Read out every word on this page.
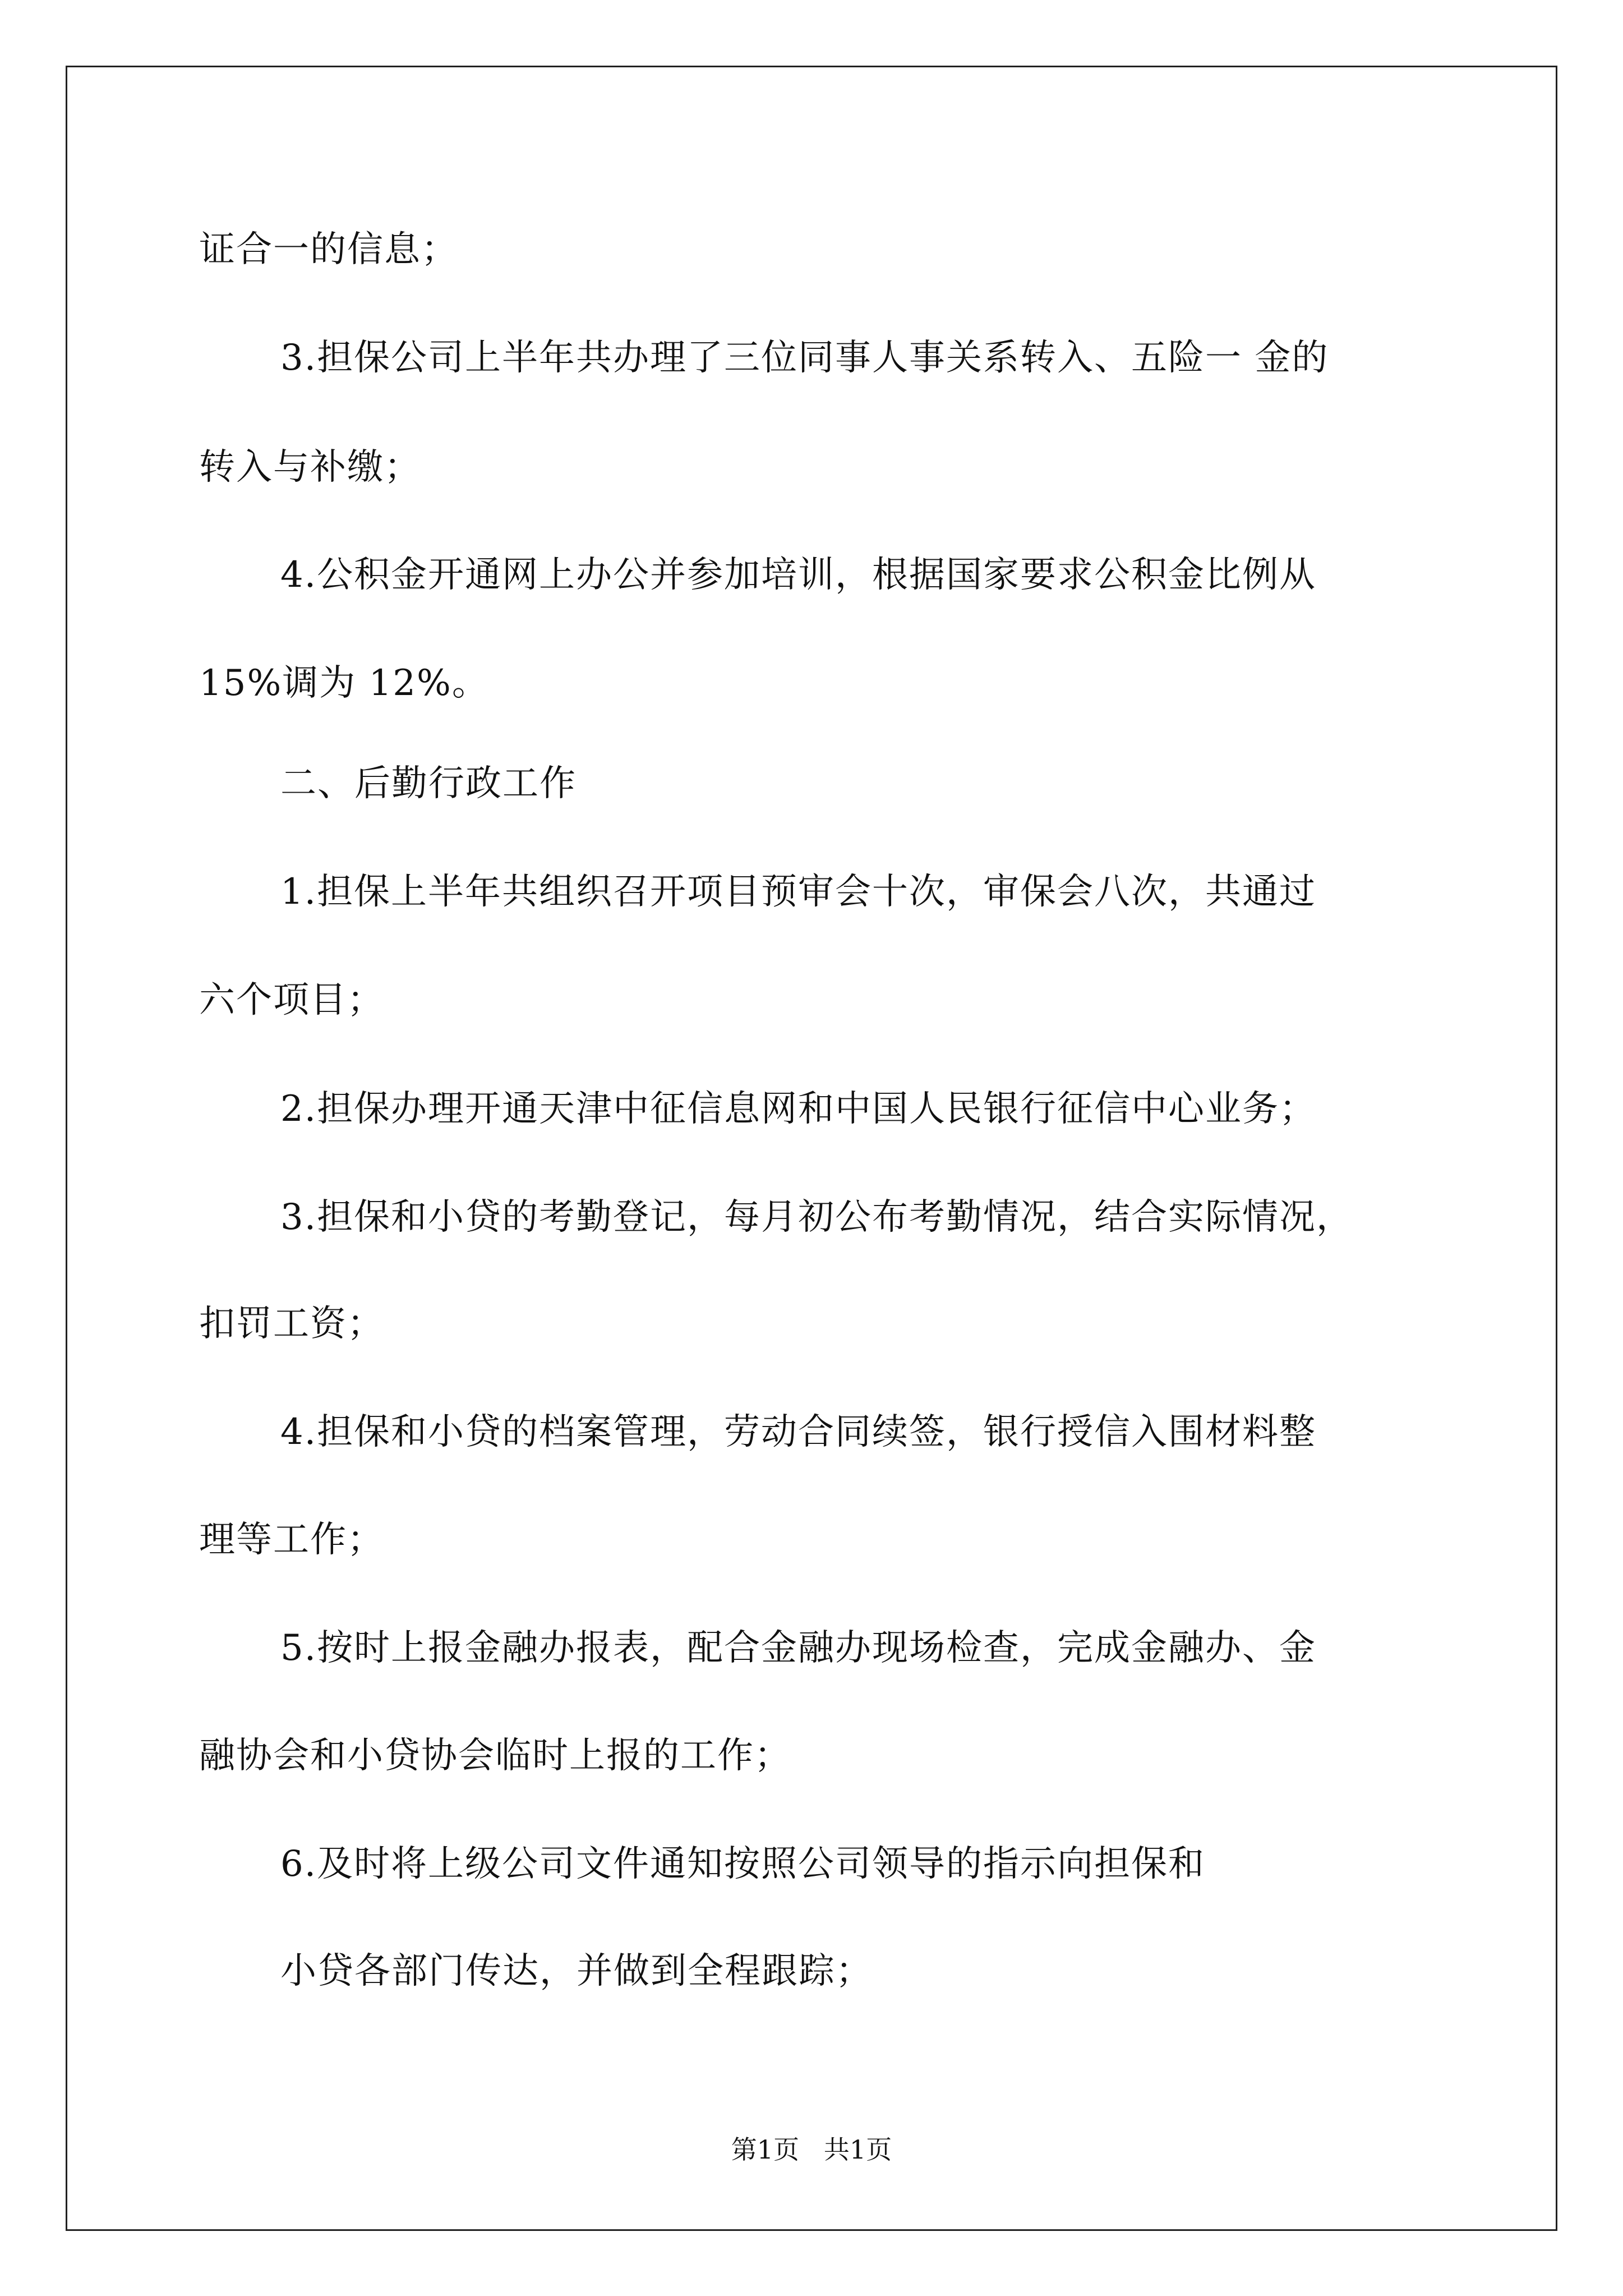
证合一的信息；
3.担保公司上半年共办理了三位同事人事关系转入、五险一 金的
转入与补缴；
4.公积金开通网上办公并参加培训，根据国家要求公积金比例从
15%调为 12%。
二、后勤行政工作
1.担保上半年共组织召开项目预审会十次，审保会八次，共通过
六个项目；
2.担保办理开通天津中征信息网和中国人民银行征信中心业务；
3.担保和小贷的考勤登记，每月初公布考勤情况，结合实际情况，
扣罚工资；
4.担保和小贷的档案管理，劳动合同续签，银行授信入围材料整
理等工作；
5.按时上报金融办报表，配合金融办现场检查，完成金融办、金
融协会和小贷协会临时上报的工作；
6.及时将上级公司文件通知按照公司领导的指示向担保和
小贷各部门传达，并做到全程跟踪；
第1页   共1页
